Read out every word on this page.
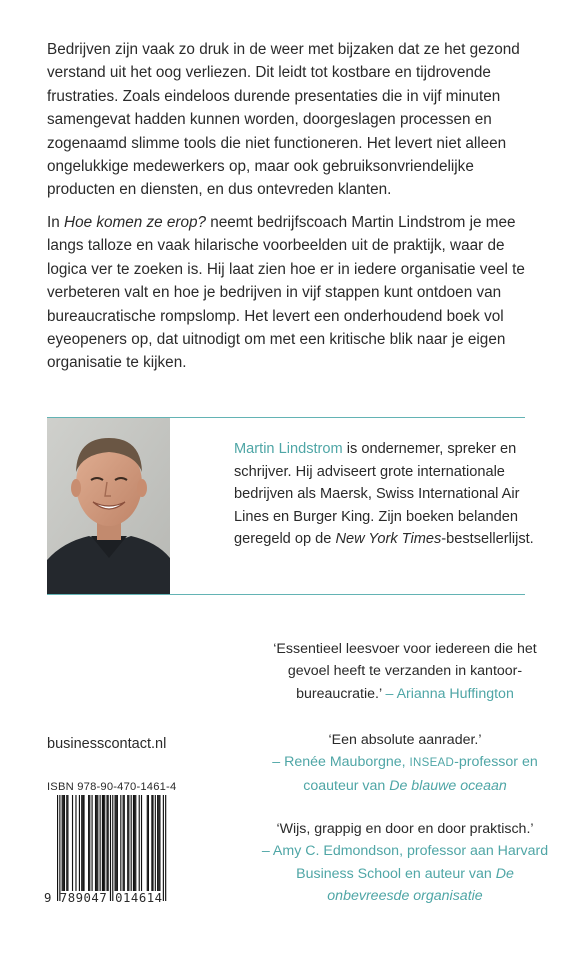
Bedrijven zijn vaak zo druk in de weer met bijzaken dat ze het gezond verstand uit het oog verliezen. Dit leidt tot kostbare en tijdrovende frustraties. Zoals eindeloos durende presentaties die in vijf minuten samengevat hadden kunnen worden, doorgeslagen processen en zogenaamd slimme tools die niet functioneren. Het levert niet alleen ongelukkige medewerkers op, maar ook gebruiksonvriendelijke producten en diensten, en dus ontevreden klanten.

In Hoe komen ze erop? neemt bedrijfscoach Martin Lindstrom je mee langs talloze en vaak hilarische voorbeelden uit de praktijk, waar de logica ver te zoeken is. Hij laat zien hoe er in iedere organisatie veel te verbeteren valt en hoe je bedrijven in vijf stappen kunt ontdoen van bureaucratische rompslomp. Het levert een onderhoudend boek vol eyeopeners op, dat uitnodigt om met een kritische blik naar je eigen organisatie te kijken.

Martin Lindstrom is ondernemer, spreker en schrijver. Hij adviseert grote internationale bedrijven als Maersk, Swiss International Air Lines en Burger King. Zijn boeken belanden geregeld op de New York Times-bestsellerlijst.

‘Essentieel leesvoer voor iedereen die het gevoel heeft te verzanden in kantoor-bureaucratie.’ – Arianna Huffington

‘Een absolute aanrader.’
– Renée Mauborgne, INSEAD-professor en coauteur van De blauwe oceaan

‘Wijs, grappig en door en door praktisch.’
– Amy C. Edmondson, professor aan Harvard Business School en auteur van De onbevreesde organisatie

businesscontact.nl

ISBN 978-90-470-1461-4

9 789047 014614
